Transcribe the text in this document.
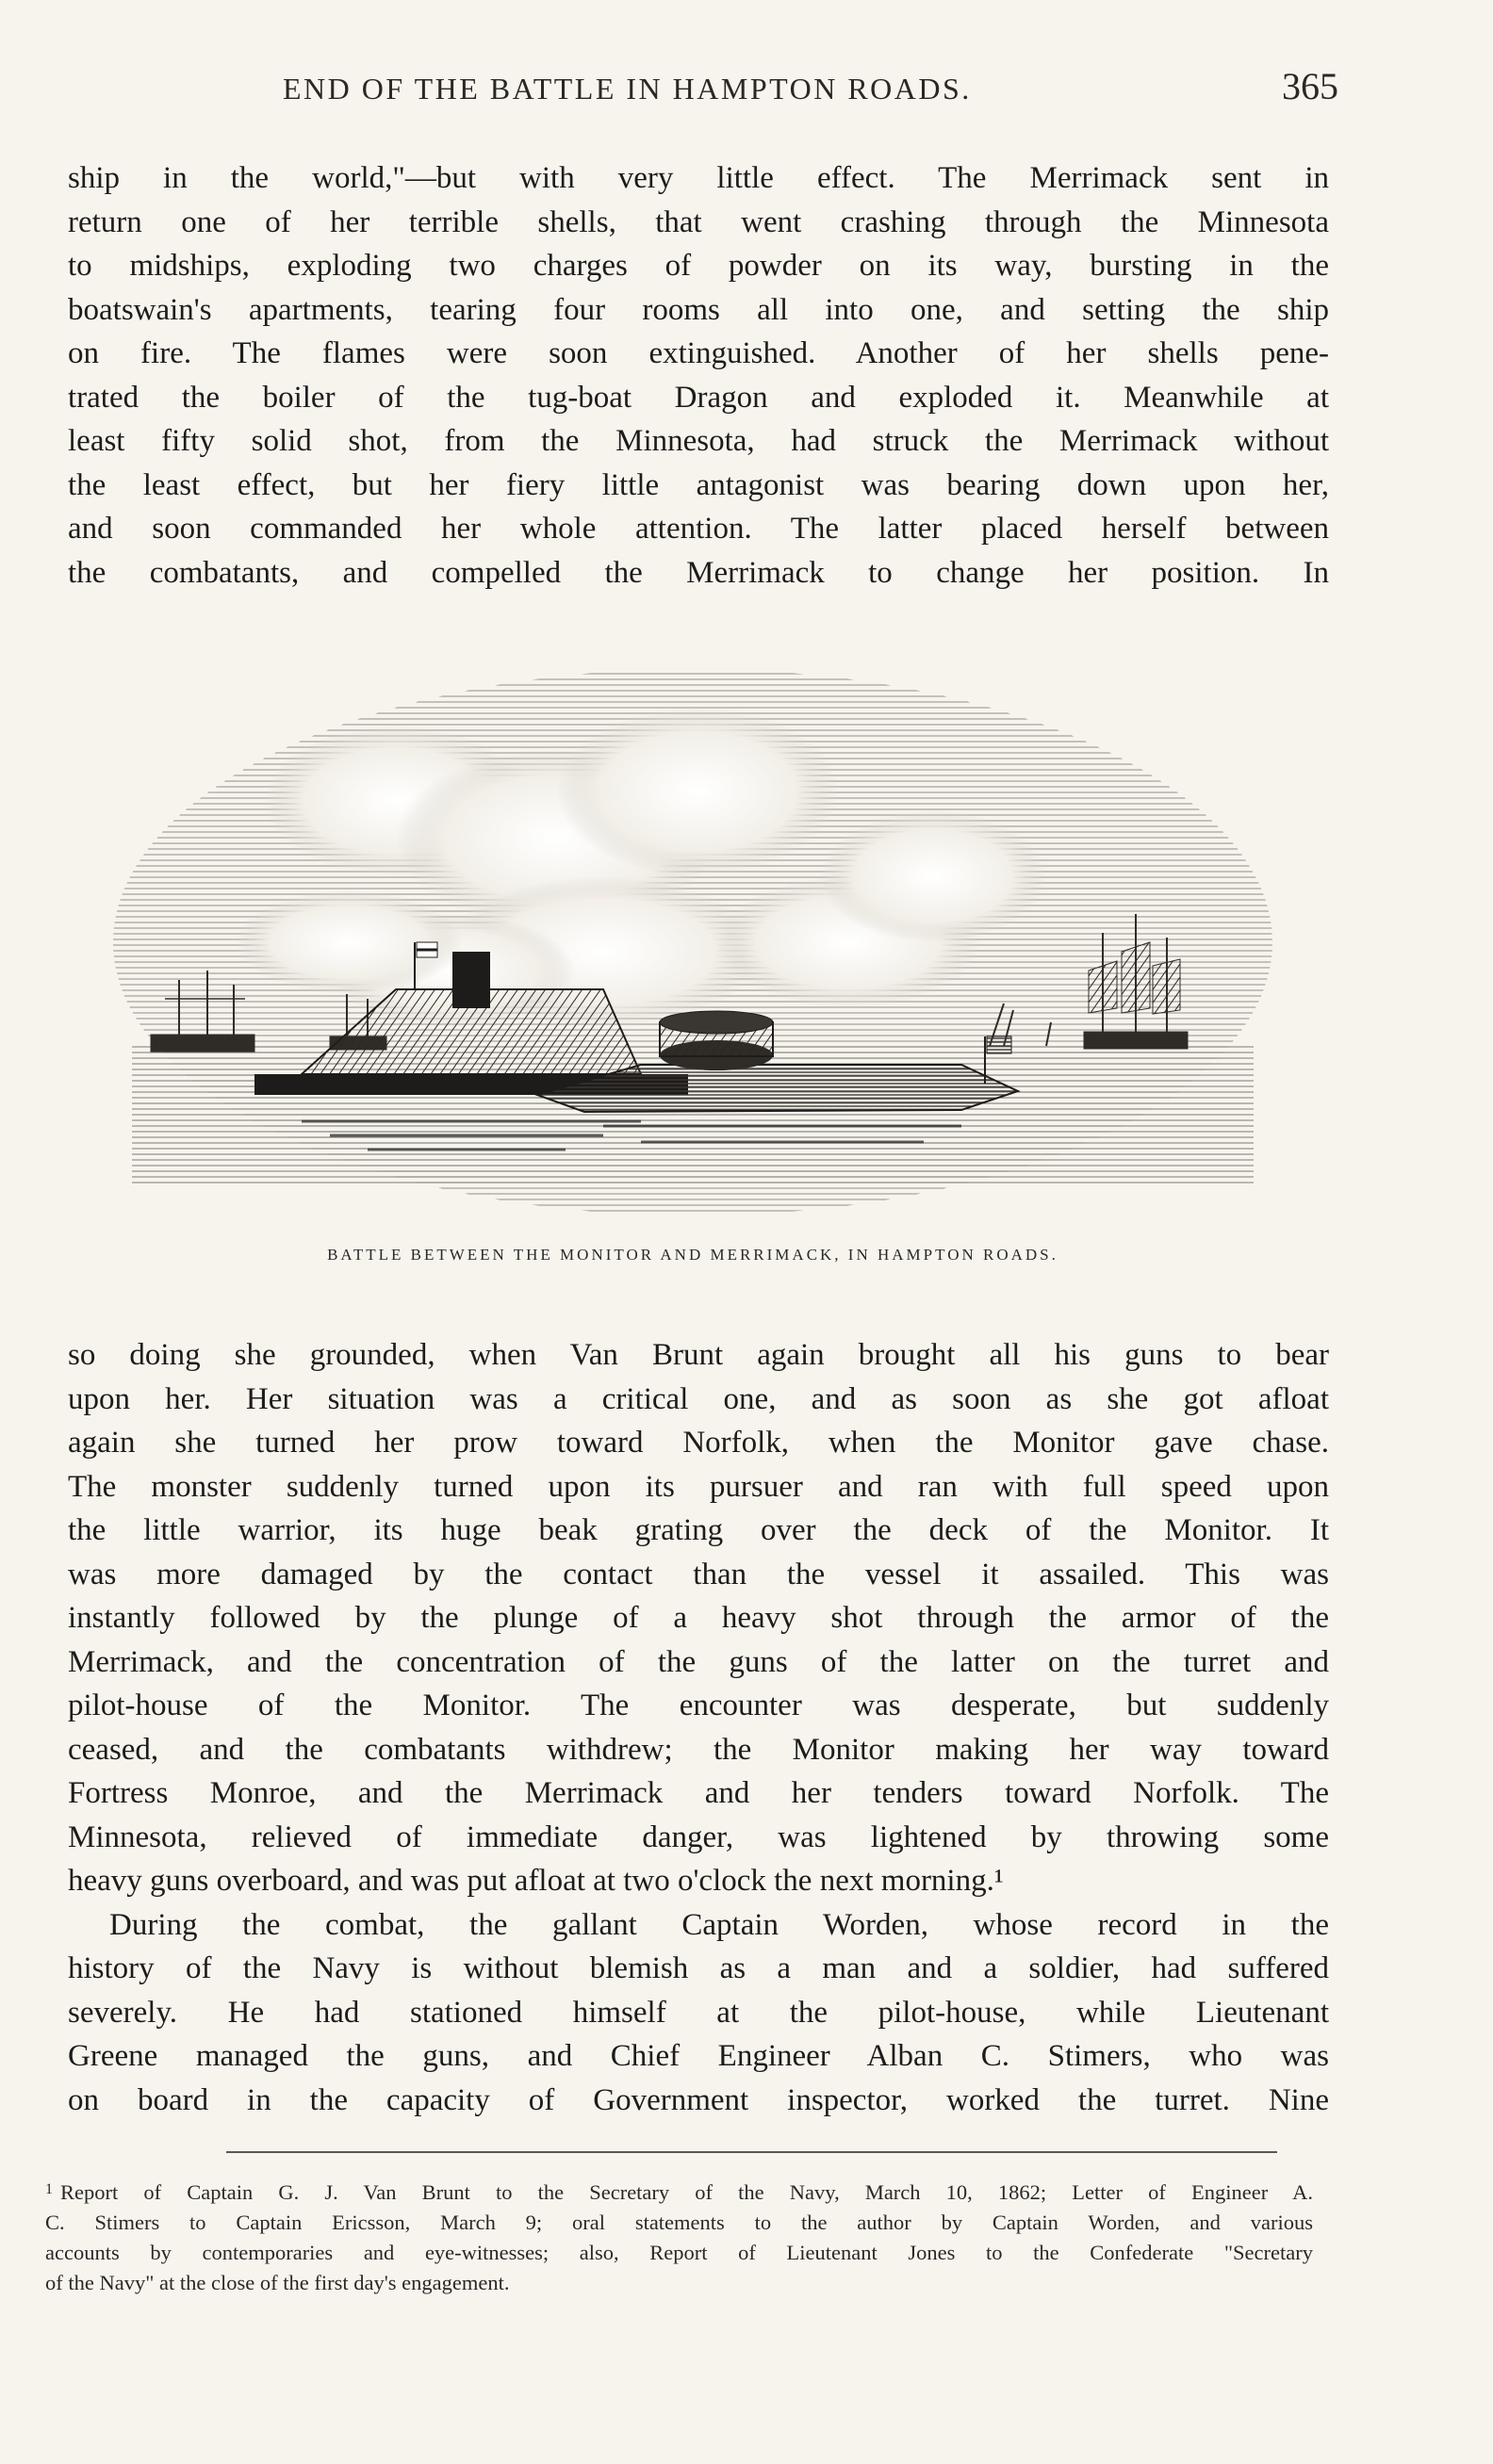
END OF THE BATTLE IN HAMPTON ROADS.	365
ship in the world,"—but with very little effect. The Merrimack sent in
return one of her terrible shells, that went crashing through the Minnesota
to midships, exploding two charges of powder on its way, bursting in the
boatswain's apartments, tearing four rooms all into one, and setting the ship
on fire. The flames were soon extinguished. Another of her shells pene-
trated the boiler of the tug-boat Dragon and exploded it. Meanwhile at
least fifty solid shot, from the Minnesota, had struck the Merrimack without
the least effect, but her fiery little antagonist was bearing down upon her,
and soon commanded her whole attention. The latter placed herself between
the combatants, and compelled the Merrimack to change her position. In
BATTLE BETWEEN THE MONITOR AND MERRIMACK, IN HAMPTON ROADS.
so doing she grounded, when Van Brunt again brought all his guns to bear
upon her. Her situation was a critical one, and as soon as she got afloat
again she turned her prow toward Norfolk, when the Monitor gave chase.
The monster suddenly turned upon its pursuer and ran with full speed upon
the little warrior, its huge beak grating over the deck of the Monitor. It
was more damaged by the contact than the vessel it assailed. This was
instantly followed by the plunge of a heavy shot through the armor of the
Merrimack, and the concentration of the guns of the latter on the turret and
pilot-house of the Monitor. The encounter was desperate, but suddenly
ceased, and the combatants withdrew; the Monitor making her way toward
Fortress Monroe, and the Merrimack and her tenders toward Norfolk. The
Minnesota, relieved of immediate danger, was lightened by throwing some
heavy guns overboard, and was put afloat at two o'clock the next morning.¹
During the combat, the gallant Captain Worden, whose record in the
history of the Navy is without blemish as a man and a soldier, had suffered
severely. He had stationed himself at the pilot-house, while Lieutenant
Greene managed the guns, and Chief Engineer Alban C. Stimers, who was
on board in the capacity of Government inspector, worked the turret. Nine
$^1$ Report of Captain G. J. Van Brunt to the Secretary of the Navy, March 10, 1862; Letter of Engineer A.
C. Stimers to Captain Ericsson, March 9; oral statements to the author by Captain Worden, and various
accounts by contemporaries and eye-witnesses; also, Report of Lieutenant Jones to the Confederate "Secretary
of the Navy" at the close of the first day's engagement.
